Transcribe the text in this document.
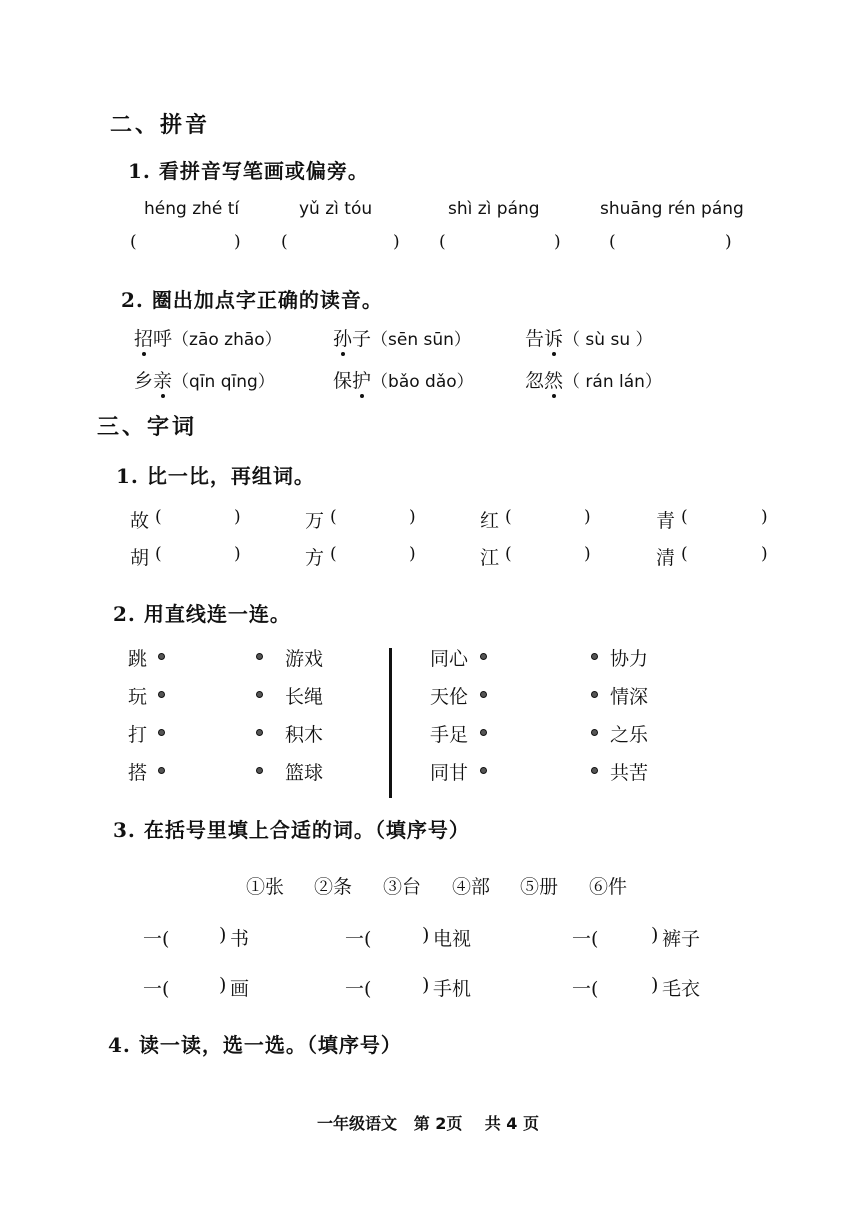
二、拼音
1. 看拼音写笔画或偏旁。
héng zhé tí	yǔ zì tóu	shì zì páng	shuāng rén páng
(	) (	) (	)	(	)
2. 圈出加点字正确的读音。
招呼（zāo zhāo）	孙子（sēn sūn）	告诉（ sù su ）
乡亲（qīn qīng）	保护（bǎo dǎo）	忽然（ rán lán）
三、字词
1. 比一比，再组词。
故 (	)	万 (	)	红 (	)	青 (	)
胡 (	)	方 (	)	江 (	)	清 (	)
2. 用直线连一连。
跳	游戏
玩	长绳
打	积木
搭	篮球
同心	协力
天伦	情深
手足	之乐
同甘	共苦
3. 在括号里填上合适的词。（填序号）
①张 ②条 ③台 ④部 ⑤册 ⑥件
一(	) 书	一(	) 电视	一(	) 裤子
一(	) 画	一(	) 手机	一(	) 毛衣
4. 读一读，选一选。（填序号）
一年级语文   第 2页    共 4 页
